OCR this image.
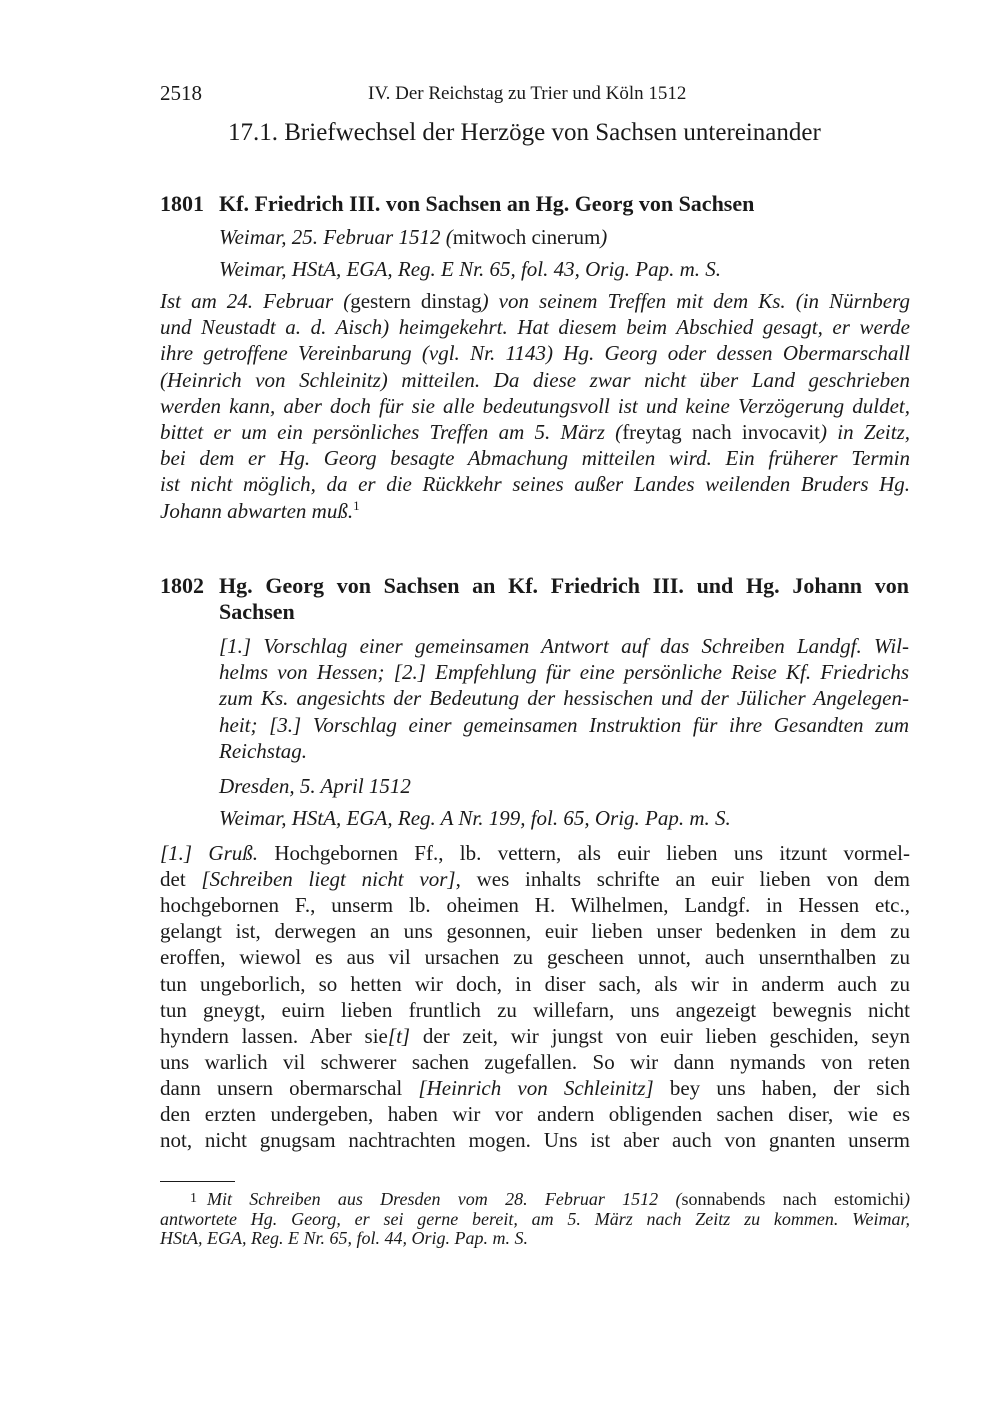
2518	IV. Der Reichstag zu Trier und Köln 1512
17.1. Briefwechsel der Herzöge von Sachsen untereinander
1801 Kf. Friedrich III. von Sachsen an Hg. Georg von Sachsen
Weimar, 25. Februar 1512 (mitwoch cinerum)
Weimar, HStA, EGA, Reg. E Nr. 65, fol. 43, Orig. Pap. m. S.
Ist am 24. Februar (gestern dinstag) von seinem Treffen mit dem Ks. (in Nürnberg
und Neustadt a. d. Aisch) heimgekehrt. Hat diesem beim Abschied gesagt, er werde
ihre getroffene Vereinbarung (vgl. Nr. 1143) Hg. Georg oder dessen Obermarschall
(Heinrich von Schleinitz) mitteilen. Da diese zwar nicht über Land geschrieben
werden kann, aber doch für sie alle bedeutungsvoll ist und keine Verzögerung duldet,
bittet er um ein persönliches Treffen am 5. März (freytag nach invocavit) in Zeitz,
bei dem er Hg. Georg besagte Abmachung mitteilen wird. Ein früherer Termin
ist nicht möglich, da er die Rückkehr seines außer Landes weilenden Bruders Hg.
Johann abwarten muß.$^1$
1802 Hg. Georg von Sachsen an Kf. Friedrich III. und Hg. Johann von
Sachsen
[1.] Vorschlag einer gemeinsamen Antwort auf das Schreiben Landgf. Wil-
helms von Hessen; [2.] Empfehlung für eine persönliche Reise Kf. Friedrichs
zum Ks. angesichts der Bedeutung der hessischen und der Jülicher Angelegen-
heit; [3.] Vorschlag einer gemeinsamen Instruktion für ihre Gesandten zum
Reichstag.
Dresden, 5. April 1512
Weimar, HStA, EGA, Reg. A Nr. 199, fol. 65, Orig. Pap. m. S.
[1.] Gruß. Hochgebornen Ff., lb. vettern, als euir lieben uns itzunt vormel-
det [Schreiben liegt nicht vor], wes inhalts schrifte an euir lieben von dem
hochgebornen F., unserm lb. oheimen H. Wilhelmen, Landgf. in Hessen etc.,
gelangt ist, derwegen an uns gesonnen, euir lieben unser bedenken in dem zu
eroffen, wiewol es aus vil ursachen zu gescheen unnot, auch unsernthalben zu
tun ungeborlich, so hetten wir doch, in diser sach, als wir in anderm auch zu
tun gneygt, euirn lieben fruntlich zu willefarn, uns angezeigt bewegnis nicht
hyndern lassen. Aber sie[t] der zeit, wir jungst von euir lieben geschiden, seyn
uns warlich vil schwerer sachen zugefallen. So wir dann nymands von reten
dann unsern obermarschal [Heinrich von Schleinitz] bey uns haben, der sich
den erzten undergeben, haben wir vor andern obligenden sachen diser, wie es
not, nicht gnugsam nachtrachten mogen. Uns ist aber auch von gnanten unserm
1 Mit Schreiben aus Dresden vom 28. Februar 1512 (sonnabends nach estomichi)
antwortete Hg. Georg, er sei gerne bereit, am 5. März nach Zeitz zu kommen. Weimar,
HStA, EGA, Reg. E Nr. 65, fol. 44, Orig. Pap. m. S.
